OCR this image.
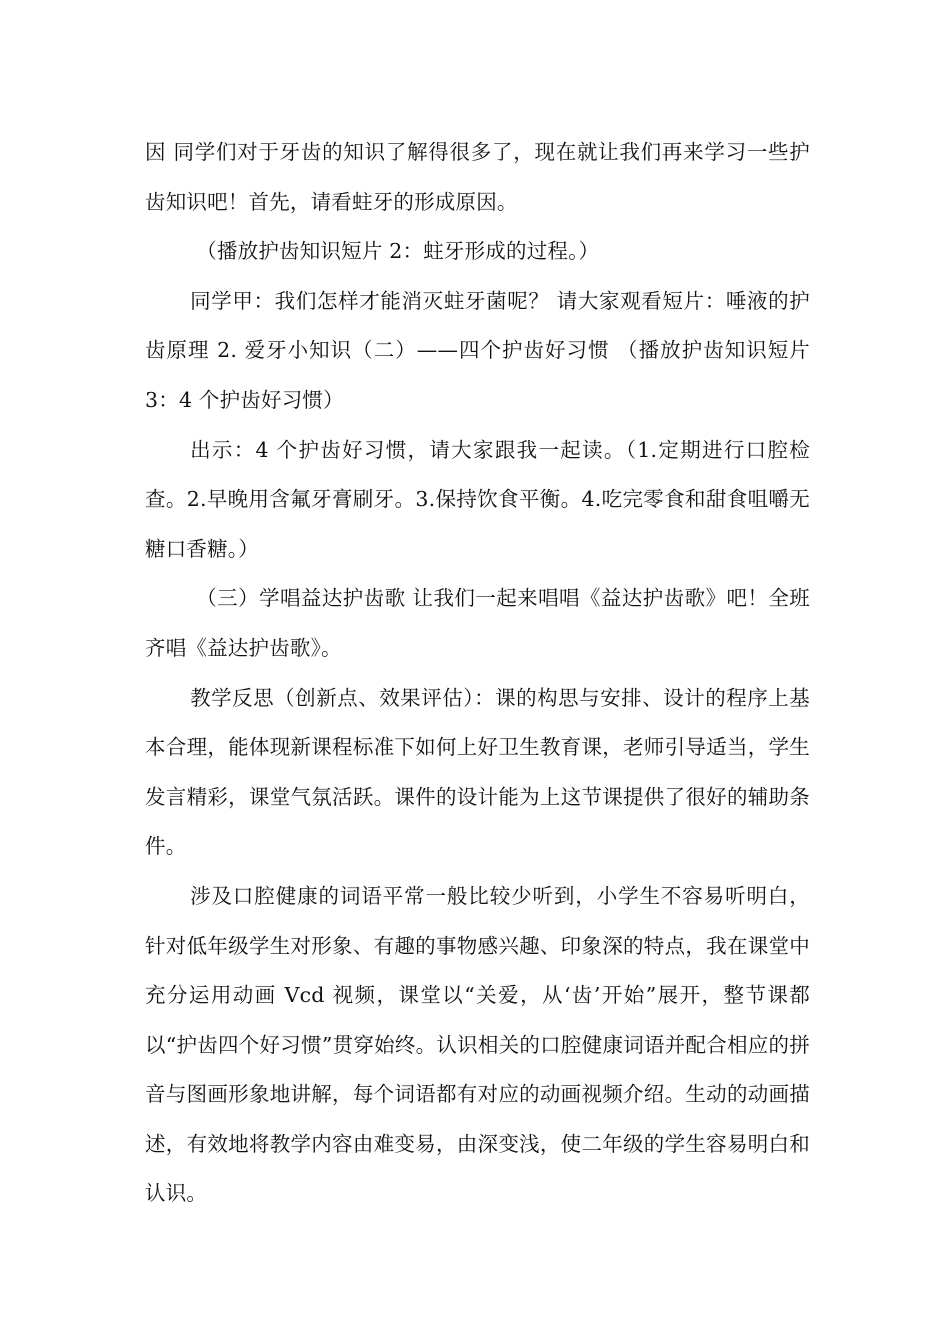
因 同学们对于牙齿的知识了解得很多了，现在就让我们再来学习一些护齿知识吧！首先，请看蛀牙的形成原因。

（播放护齿知识短片 2：蛀牙形成的过程。）

同学甲：我们怎样才能消灭蛀牙菌呢？ 请大家观看短片：唾液的护齿原理 2. 爱牙小知识（二）——四个护齿好习惯 （播放护齿知识短片 3：4 个护齿好习惯）

出示：4 个护齿好习惯，请大家跟我一起读。（1.定期进行口腔检查。2.早晚用含氟牙膏刷牙。3.保持饮食平衡。4.吃完零食和甜食咀嚼无糖口香糖。）

（三）学唱益达护齿歌 让我们一起来唱唱《益达护齿歌》吧！全班齐唱《益达护齿歌》。

教学反思（创新点、效果评估）：课的构思与安排、设计的程序上基本合理，能体现新课程标准下如何上好卫生教育课，老师引导适当，学生发言精彩，课堂气氛活跃。课件的设计能为上这节课提供了很好的辅助条件。

涉及口腔健康的词语平常一般比较少听到，小学生不容易听明白，针对低年级学生对形象、有趣的事物感兴趣、印象深的特点，我在课堂中充分运用动画 Vcd 视频，课堂以“关爱，从‘齿’开始”展开，整节课都以“护齿四个好习惯”贯穿始终。认识相关的口腔健康词语并配合相应的拼音与图画形象地讲解，每个词语都有对应的动画视频介绍。生动的动画描述，有效地将教学内容由难变易，由深变浅，使二年级的学生容易明白和认识。
